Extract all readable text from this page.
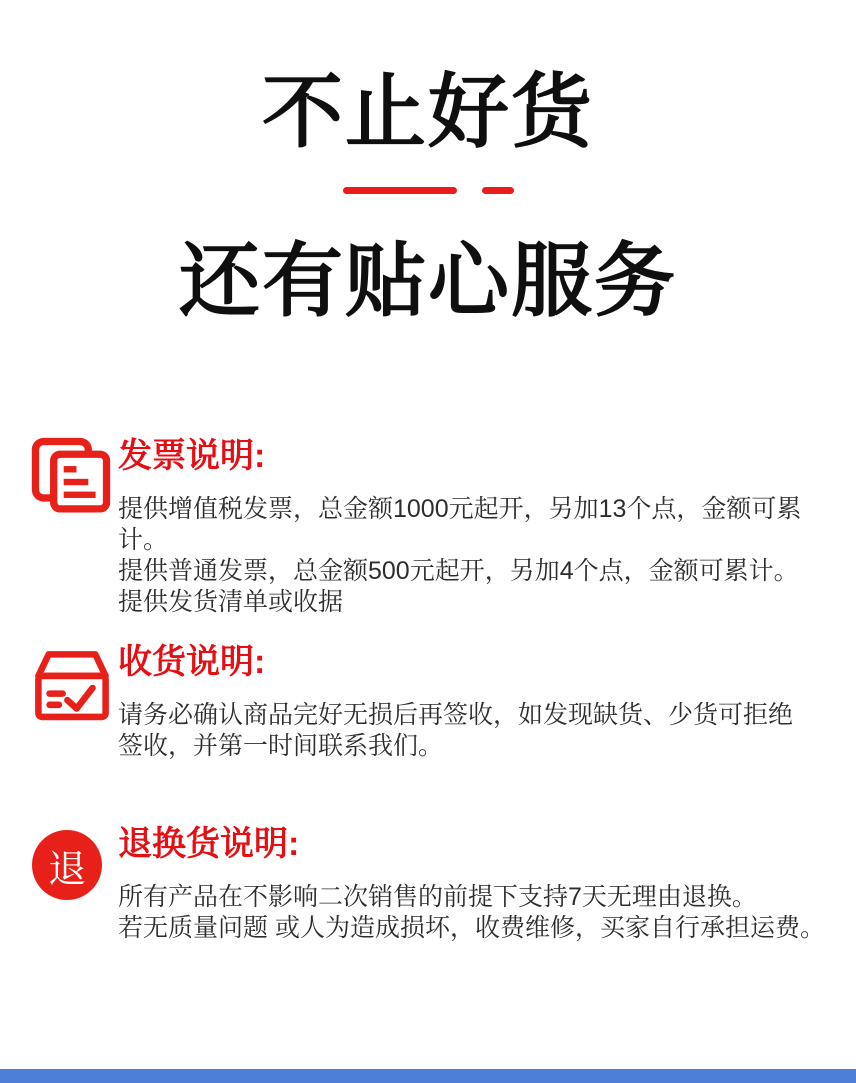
不止好货
还有贴心服务
发票说明:
提供增值税发票，总金额1000元起开，另加13个点，金额可累计。
提供普通发票，总金额500元起开，另加4个点，金额可累计。
提供发货清单或收据
收货说明:
请务必确认商品完好无损后再签收，如发现缺货、少货可拒绝
签收，并第一时间联系我们。
退
退换货说明:
所有产品在不影响二次销售的前提下支持7天无理由退换。
若无质量问题 或人为造成损坏，收费维修，买家自行承担运费。
